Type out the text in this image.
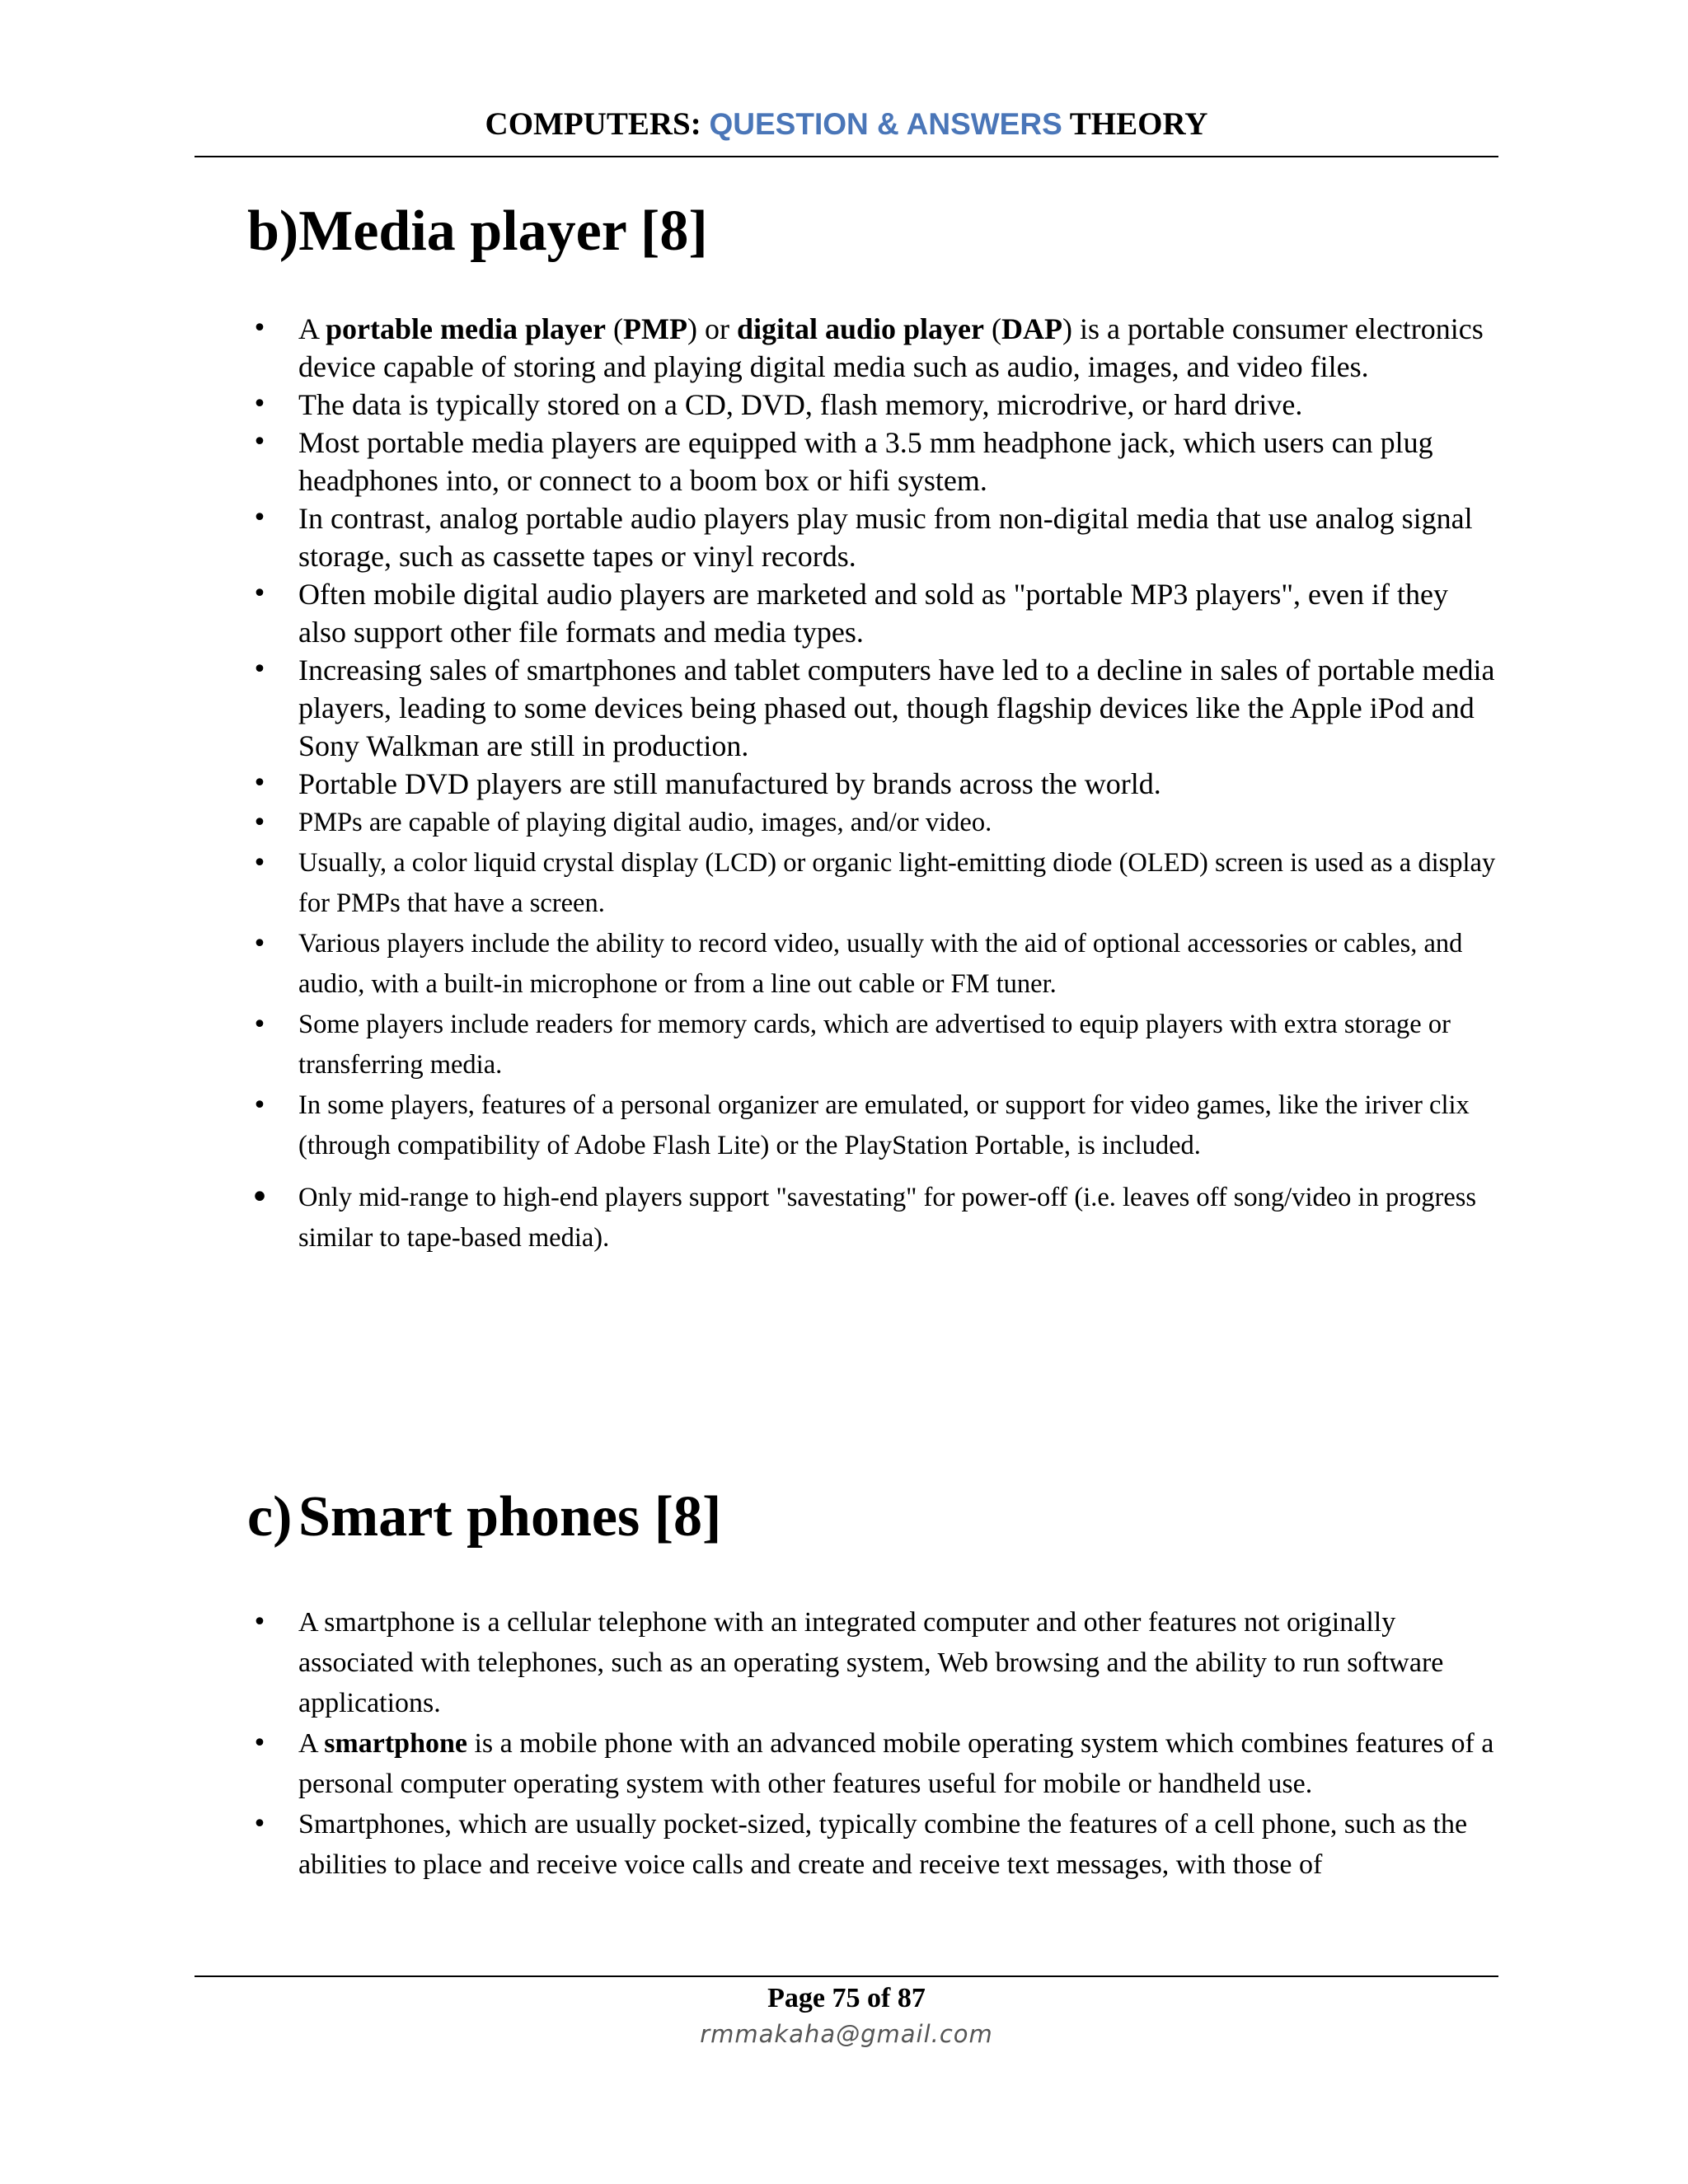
COMPUTERS: QUESTION & ANSWERS THEORY
b)Media player [8]
• A portable media player (PMP) or digital audio player (DAP) is a portable consumer electronics device capable of storing and playing digital media such as audio, images, and video files.
• The data is typically stored on a CD, DVD, flash memory, microdrive, or hard drive.
• Most portable media players are equipped with a 3.5 mm headphone jack, which users can plug headphones into, or connect to a boom box or hifi system.
• In contrast, analog portable audio players play music from non-digital media that use analog signal storage, such as cassette tapes or vinyl records.
• Often mobile digital audio players are marketed and sold as "portable MP3 players", even if they also support other file formats and media types.
• Increasing sales of smartphones and tablet computers have led to a decline in sales of portable media players, leading to some devices being phased out, though flagship devices like the Apple iPod and Sony Walkman are still in production.
• Portable DVD players are still manufactured by brands across the world.
• PMPs are capable of playing digital audio, images, and/or video.
• Usually, a color liquid crystal display (LCD) or organic light-emitting diode (OLED) screen is used as a display for PMPs that have a screen.
• Various players include the ability to record video, usually with the aid of optional accessories or cables, and audio, with a built-in microphone or from a line out cable or FM tuner.
• Some players include readers for memory cards, which are advertised to equip players with extra storage or transferring media.
• In some players, features of a personal organizer are emulated, or support for video games, like the iriver clix (through compatibility of Adobe Flash Lite) or the PlayStation Portable, is included.
• Only mid-range to high-end players support "savestating" for power-off (i.e. leaves off song/video in progress similar to tape-based media).
c) Smart phones [8]
• A smartphone is a cellular telephone with an integrated computer and other features not originally associated with telephones, such as an operating system, Web browsing and the ability to run software applications.
• A smartphone is a mobile phone with an advanced mobile operating system which combines features of a personal computer operating system with other features useful for mobile or handheld use.
• Smartphones, which are usually pocket-sized, typically combine the features of a cell phone, such as the abilities to place and receive voice calls and create and receive text messages, with those of
Page 75 of 87
rmmakaha@gmail.com
